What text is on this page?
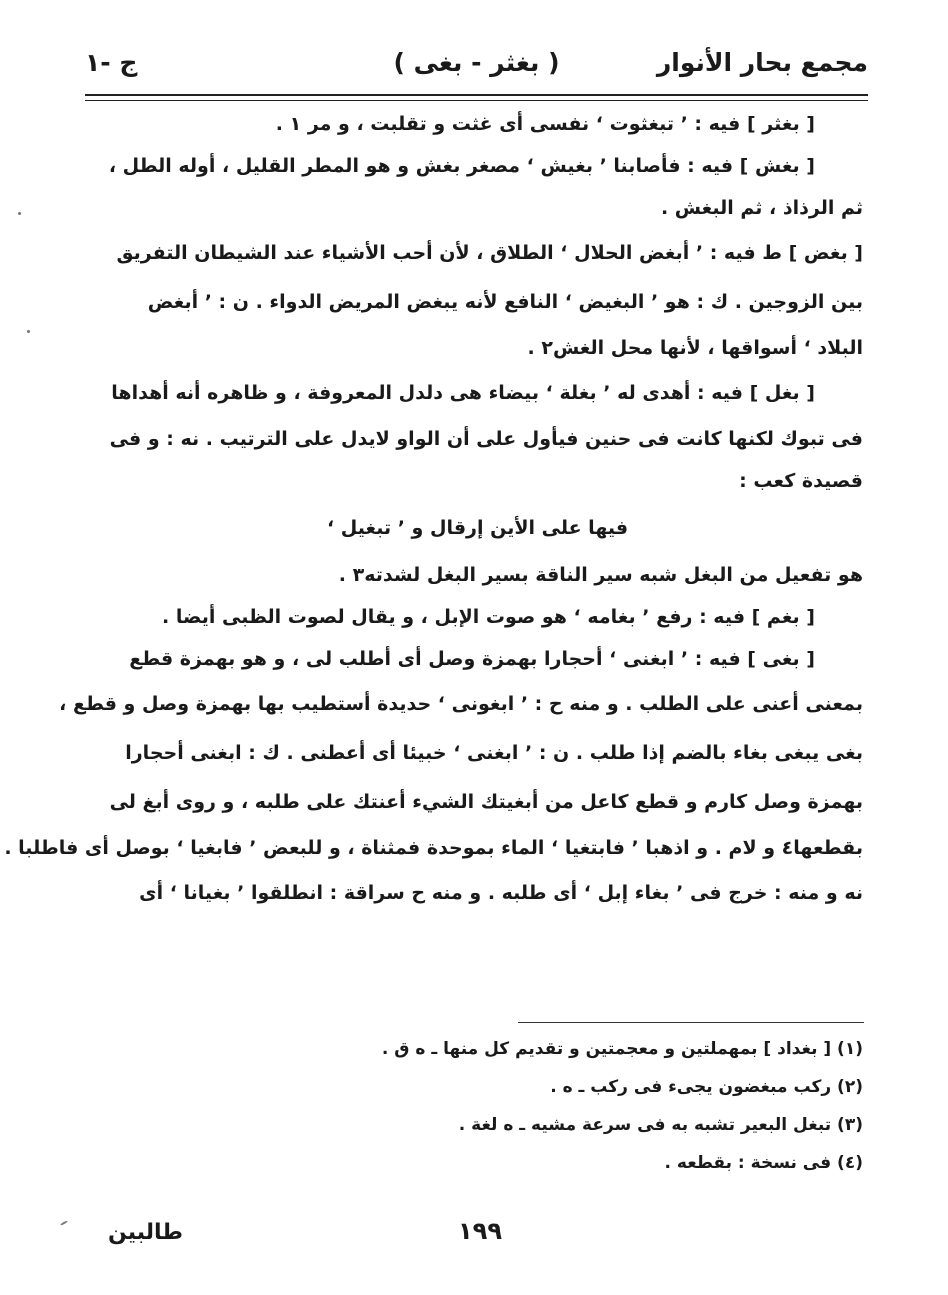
مجمع بحار الأنوار
( بغثر - بغى )
ج -١
[ بغثر ] فيه : ’ تبغثوت ‘ نفسى أى غثت و تقلبت ، و مر ١ .
[ بغش ] فيه : فأصابنا ’ بغيش ‘ مصغر بغش و هو المطر القليل ، أوله الطل ،
ثم الرذاذ ، ثم البغش .
[ بغض ] ط فيه : ’ أبغض الحلال ‘ الطلاق ، لأن أحب الأشياء عند الشيطان التفريق
بين الزوجين . ك : هو ’ البغيض ‘ النافع لأنه يبغض المريض الدواء . ن : ’ أبغض
البلاد ‘ أسواقها ، لأنها محل الغش٢ .
[ بغل ] فيه : أهدى له ’ بغلة ‘ بيضاء هى دلدل المعروفة ، و ظاهره أنه أهداها
فى تبوك لكنها كانت فى حنين فيأول على أن الواو لايدل على الترتيب . نه : و فى
قصيدة كعب :
فيها على الأين إرقال و ’ تبغيل ‘
هو تفعيل من البغل شبه سير الناقة بسير البغل لشدته٣ .
[ بغم ] فيه : رفع ’ بغامه ‘ هو صوت الإبل ، و يقال لصوت الظبى أيضا .
[ بغى ] فيه : ’ ابغنى ‘ أحجارا بهمزة وصل أى أطلب لى ، و هو بهمزة قطع
بمعنى أعنى على الطلب . و منه ح : ’ ابغونى ‘ حديدة أستطيب بها بهمزة وصل و قطع ،
بغى يبغى بغاء بالضم إذا طلب . ن : ’ ابغنى ‘ خبيئا أى أعطنى . ك : ابغنى أحجارا
بهمزة وصل كارم و قطع كاعل من أبغيتك الشيء أعنتك على طلبه ، و روى أبغ لى
بقطعها٤ و لام . و اذهبا ’ فابتغيا ‘ الماء بموحدة فمثناة ، و للبعض ’ فابغيا ‘ بوصل أى فاطلبا .
نه و منه : خرج فى ’ بغاء إبل ‘ أى طلبه . و منه ح سراقة : انطلقوا ’ بغيانا ‘ أى
(١) [ بغداد ] بمهملتين و معجمتين و تقديم كل منها ـ ه ق .
(٢) ركب مبغضون يجىء فى ركب ـ ه .
(٣) تبغل البعير تشبه به فى سرعة مشيه ـ ه لغة .
(٤) فى نسخة : بقطعه .
١٩٩
طالبين
